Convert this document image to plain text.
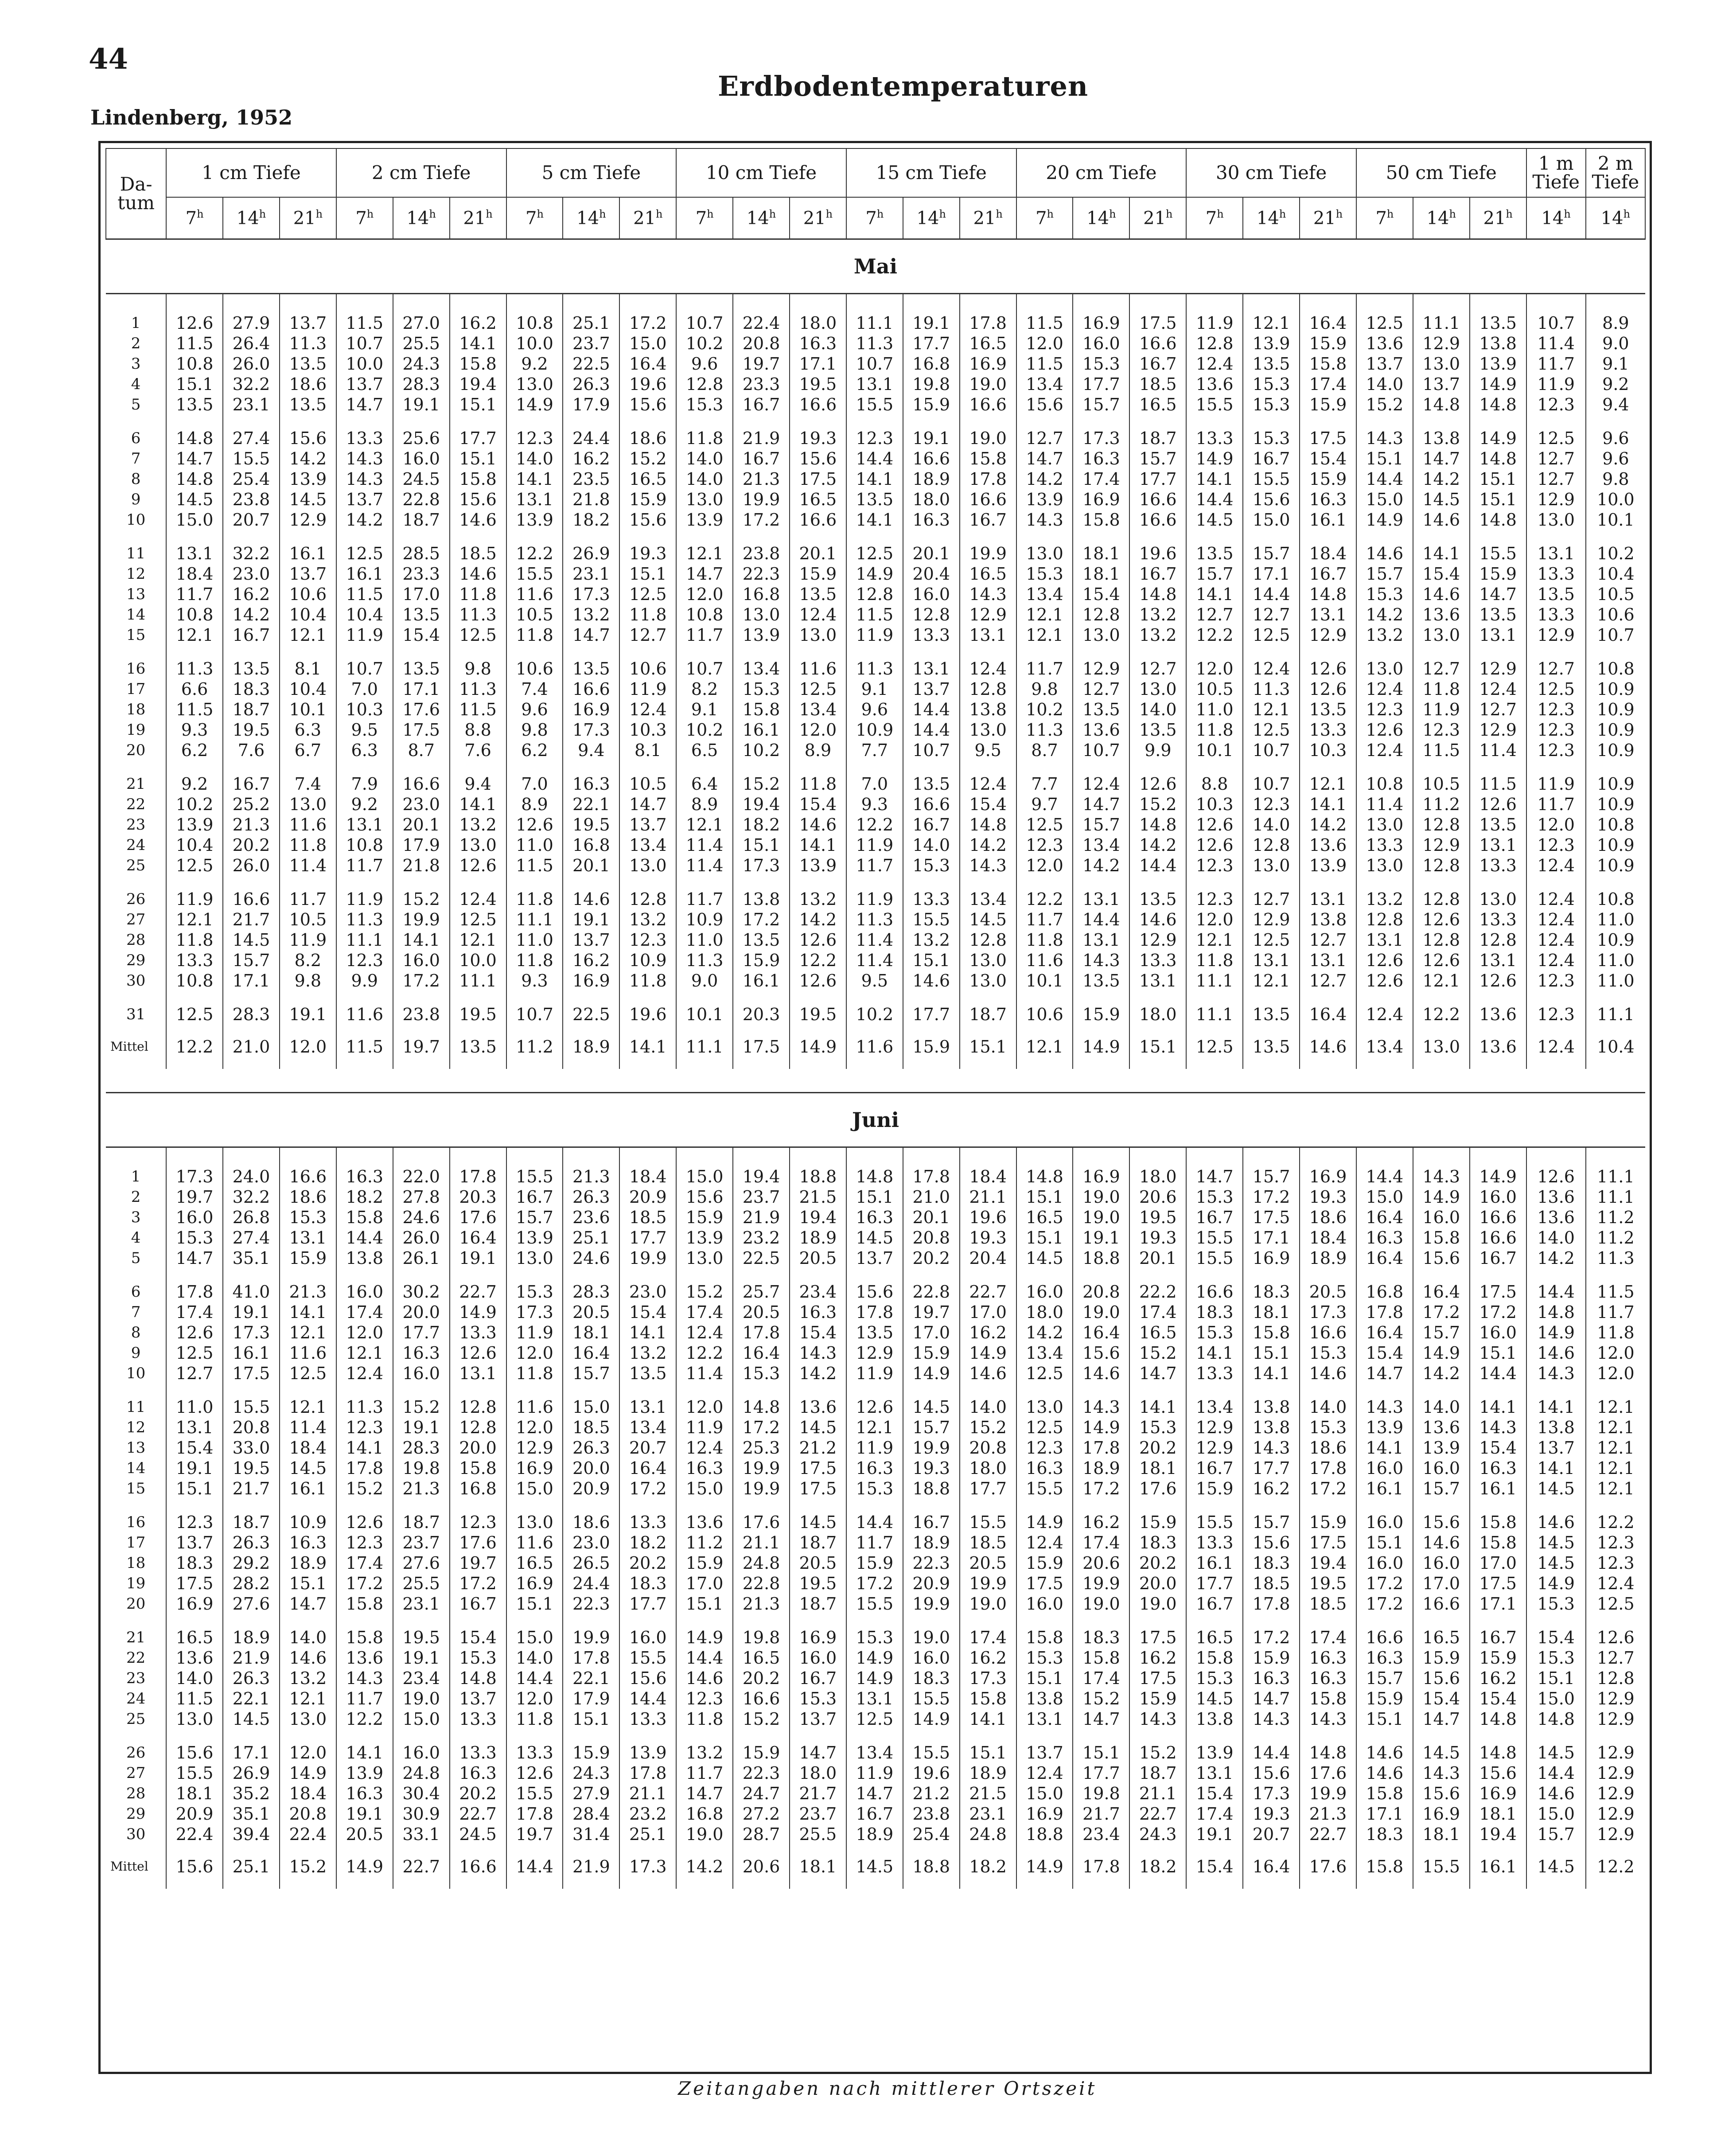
44
Erdbodentemperaturen
Lindenberg, 1952
Da- tum	1 cm Tiefe			2 cm Tiefe			5 cm Tiefe			10 cm Tiefe			15 cm Tiefe			20 cm Tiefe			30 cm Tiefe			50 cm Tiefe			1 m Tiefe	2 m Tiefe
	7$^h$	14$^h$	21$^h$	7$^h$	14$^h$	21$^h$	7$^h$	14$^h$	21$^h$	7$^h$	14$^h$	21$^h$	7$^h$	14$^h$	21$^h$	7$^h$	14$^h$	21$^h$	7$^h$	14$^h$	21$^h$	7$^h$	14$^h$	21$^h$	14$^h$	14$^h$
Mai																										
1	12.6	27.9	13.7	11.5	27.0	16.2	10.8	25.1	17.2	10.7	22.4	18.0	11.1	19.1	17.8	11.5	16.9	17.5	11.9	12.1	16.4	12.5	11.1	13.5	10.7	8.9
2	11.5	26.4	11.3	10.7	25.5	14.1	10.0	23.7	15.0	10.2	20.8	16.3	11.3	17.7	16.5	12.0	16.0	16.6	12.8	13.9	15.9	13.6	12.9	13.8	11.4	9.0
3	10.8	26.0	13.5	10.0	24.3	15.8	9.2	22.5	16.4	9.6	19.7	17.1	10.7	16.8	16.9	11.5	15.3	16.7	12.4	13.5	15.8	13.7	13.0	13.9	11.7	9.1
4	15.1	32.2	18.6	13.7	28.3	19.4	13.0	26.3	19.6	12.8	23.3	19.5	13.1	19.8	19.0	13.4	17.7	18.5	13.6	15.3	17.4	14.0	13.7	14.9	11.9	9.2
5	13.5	23.1	13.5	14.7	19.1	15.1	14.9	17.9	15.6	15.3	16.7	16.6	15.5	15.9	16.6	15.6	15.7	16.5	15.5	15.3	15.9	15.2	14.8	14.8	12.3	9.4
6	14.8	27.4	15.6	13.3	25.6	17.7	12.3	24.4	18.6	11.8	21.9	19.3	12.3	19.1	19.0	12.7	17.3	18.7	13.3	15.3	17.5	14.3	13.8	14.9	12.5	9.6
7	14.7	15.5	14.2	14.3	16.0	15.1	14.0	16.2	15.2	14.0	16.7	15.6	14.4	16.6	15.8	14.7	16.3	15.7	14.9	16.7	15.4	15.1	14.7	14.8	12.7	9.6
8	14.8	25.4	13.9	14.3	24.5	15.8	14.1	23.5	16.5	14.0	21.3	17.5	14.1	18.9	17.8	14.2	17.4	17.7	14.1	15.5	15.9	14.4	14.2	15.1	12.7	9.8
9	14.5	23.8	14.5	13.7	22.8	15.6	13.1	21.8	15.9	13.0	19.9	16.5	13.5	18.0	16.6	13.9	16.9	16.6	14.4	15.6	16.3	15.0	14.5	15.1	12.9	10.0
10	15.0	20.7	12.9	14.2	18.7	14.6	13.9	18.2	15.6	13.9	17.2	16.6	14.1	16.3	16.7	14.3	15.8	16.6	14.5	15.0	16.1	14.9	14.6	14.8	13.0	10.1
11	13.1	32.2	16.1	12.5	28.5	18.5	12.2	26.9	19.3	12.1	23.8	20.1	12.5	20.1	19.9	13.0	18.1	19.6	13.5	15.7	18.4	14.6	14.1	15.5	13.1	10.2
12	18.4	23.0	13.7	16.1	23.3	14.6	15.5	23.1	15.1	14.7	22.3	15.9	14.9	20.4	16.5	15.3	18.1	16.7	15.7	17.1	16.7	15.7	15.4	15.9	13.3	10.4
13	11.7	16.2	10.6	11.5	17.0	11.8	11.6	17.3	12.5	12.0	16.8	13.5	12.8	16.0	14.3	13.4	15.4	14.8	14.1	14.4	14.8	15.3	14.6	14.7	13.5	10.5
14	10.8	14.2	10.4	10.4	13.5	11.3	10.5	13.2	11.8	10.8	13.0	12.4	11.5	12.8	12.9	12.1	12.8	13.2	12.7	12.7	13.1	14.2	13.6	13.5	13.3	10.6
15	12.1	16.7	12.1	11.9	15.4	12.5	11.8	14.7	12.7	11.7	13.9	13.0	11.9	13.3	13.1	12.1	13.0	13.2	12.2	12.5	12.9	13.2	13.0	13.1	12.9	10.7
16	11.3	13.5	8.1	10.7	13.5	9.8	10.6	13.5	10.6	10.7	13.4	11.6	11.3	13.1	12.4	11.7	12.9	12.7	12.0	12.4	12.6	13.0	12.7	12.9	12.7	10.8
17	6.6	18.3	10.4	7.0	17.1	11.3	7.4	16.6	11.9	8.2	15.3	12.5	9.1	13.7	12.8	9.8	12.7	13.0	10.5	11.3	12.6	12.4	11.8	12.4	12.5	10.9
18	11.5	18.7	10.1	10.3	17.6	11.5	9.6	16.9	12.4	9.1	15.8	13.4	9.6	14.4	13.8	10.2	13.5	14.0	11.0	12.1	13.5	12.3	11.9	12.7	12.3	10.9
19	9.3	19.5	6.3	9.5	17.5	8.8	9.8	17.3	10.3	10.2	16.1	12.0	10.9	14.4	13.0	11.3	13.6	13.5	11.8	12.5	13.3	12.6	12.3	12.9	12.3	10.9
20	6.2	7.6	6.7	6.3	8.7	7.6	6.2	9.4	8.1	6.5	10.2	8.9	7.7	10.7	9.5	8.7	10.7	9.9	10.1	10.7	10.3	12.4	11.5	11.4	12.3	10.9
21	9.2	16.7	7.4	7.9	16.6	9.4	7.0	16.3	10.5	6.4	15.2	11.8	7.0	13.5	12.4	7.7	12.4	12.6	8.8	10.7	12.1	10.8	10.5	11.5	11.9	10.9
22	10.2	25.2	13.0	9.2	23.0	14.1	8.9	22.1	14.7	8.9	19.4	15.4	9.3	16.6	15.4	9.7	14.7	15.2	10.3	12.3	14.1	11.4	11.2	12.6	11.7	10.9
23	13.9	21.3	11.6	13.1	20.1	13.2	12.6	19.5	13.7	12.1	18.2	14.6	12.2	16.7	14.8	12.5	15.7	14.8	12.6	14.0	14.2	13.0	12.8	13.5	12.0	10.8
24	10.4	20.2	11.8	10.8	17.9	13.0	11.0	16.8	13.4	11.4	15.1	14.1	11.9	14.0	14.2	12.3	13.4	14.2	12.6	12.8	13.6	13.3	12.9	13.1	12.3	10.9
25	12.5	26.0	11.4	11.7	21.8	12.6	11.5	20.1	13.0	11.4	17.3	13.9	11.7	15.3	14.3	12.0	14.2	14.4	12.3	13.0	13.9	13.0	12.8	13.3	12.4	10.9
26	11.9	16.6	11.7	11.9	15.2	12.4	11.8	14.6	12.8	11.7	13.8	13.2	11.9	13.3	13.4	12.2	13.1	13.5	12.3	12.7	13.1	13.2	12.8	13.0	12.4	10.8
27	12.1	21.7	10.5	11.3	19.9	12.5	11.1	19.1	13.2	10.9	17.2	14.2	11.3	15.5	14.5	11.7	14.4	14.6	12.0	12.9	13.8	12.8	12.6	13.3	12.4	11.0
28	11.8	14.5	11.9	11.1	14.1	12.1	11.0	13.7	12.3	11.0	13.5	12.6	11.4	13.2	12.8	11.8	13.1	12.9	12.1	12.5	12.7	13.1	12.8	12.8	12.4	10.9
29	13.3	15.7	8.2	12.3	16.0	10.0	11.8	16.2	10.9	11.3	15.9	12.2	11.4	15.1	13.0	11.6	14.3	13.3	11.8	13.1	13.1	12.6	12.6	13.1	12.4	11.0
30	10.8	17.1	9.8	9.9	17.2	11.1	9.3	16.9	11.8	9.0	16.1	12.6	9.5	14.6	13.0	10.1	13.5	13.1	11.1	12.1	12.7	12.6	12.1	12.6	12.3	11.0
31	12.5	28.3	19.1	11.6	23.8	19.5	10.7	22.5	19.6	10.1	20.3	19.5	10.2	17.7	18.7	10.6	15.9	18.0	11.1	13.5	16.4	12.4	12.2	13.6	12.3	11.1
Mittel	12.2	21.0	12.0	11.5	19.7	13.5	11.2	18.9	14.1	11.1	17.5	14.9	11.6	15.9	15.1	12.1	14.9	15.1	12.5	13.5	14.6	13.4	13.0	13.6	12.4	10.4

Juni																										
1	17.3	24.0	16.6	16.3	22.0	17.8	15.5	21.3	18.4	15.0	19.4	18.8	14.8	17.8	18.4	14.8	16.9	18.0	14.7	15.7	16.9	14.4	14.3	14.9	12.6	11.1
2	19.7	32.2	18.6	18.2	27.8	20.3	16.7	26.3	20.9	15.6	23.7	21.5	15.1	21.0	21.1	15.1	19.0	20.6	15.3	17.2	19.3	15.0	14.9	16.0	13.6	11.1
3	16.0	26.8	15.3	15.8	24.6	17.6	15.7	23.6	18.5	15.9	21.9	19.4	16.3	20.1	19.6	16.5	19.0	19.5	16.7	17.5	18.6	16.4	16.0	16.6	13.6	11.2
4	15.3	27.4	13.1	14.4	26.0	16.4	13.9	25.1	17.7	13.9	23.2	18.9	14.5	20.8	19.3	15.1	19.1	19.3	15.5	17.1	18.4	16.3	15.8	16.6	14.0	11.2
5	14.7	35.1	15.9	13.8	26.1	19.1	13.0	24.6	19.9	13.0	22.5	20.5	13.7	20.2	20.4	14.5	18.8	20.1	15.5	16.9	18.9	16.4	15.6	16.7	14.2	11.3
6	17.8	41.0	21.3	16.0	30.2	22.7	15.3	28.3	23.0	15.2	25.7	23.4	15.6	22.8	22.7	16.0	20.8	22.2	16.6	18.3	20.5	16.8	16.4	17.5	14.4	11.5
7	17.4	19.1	14.1	17.4	20.0	14.9	17.3	20.5	15.4	17.4	20.5	16.3	17.8	19.7	17.0	18.0	19.0	17.4	18.3	18.1	17.3	17.8	17.2	17.2	14.8	11.7
8	12.6	17.3	12.1	12.0	17.7	13.3	11.9	18.1	14.1	12.4	17.8	15.4	13.5	17.0	16.2	14.2	16.4	16.5	15.3	15.8	16.6	16.4	15.7	16.0	14.9	11.8
9	12.5	16.1	11.6	12.1	16.3	12.6	12.0	16.4	13.2	12.2	16.4	14.3	12.9	15.9	14.9	13.4	15.6	15.2	14.1	15.1	15.3	15.4	14.9	15.1	14.6	12.0
10	12.7	17.5	12.5	12.4	16.0	13.1	11.8	15.7	13.5	11.4	15.3	14.2	11.9	14.9	14.6	12.5	14.6	14.7	13.3	14.1	14.6	14.7	14.2	14.4	14.3	12.0
11	11.0	15.5	12.1	11.3	15.2	12.8	11.6	15.0	13.1	12.0	14.8	13.6	12.6	14.5	14.0	13.0	14.3	14.1	13.4	13.8	14.0	14.3	14.0	14.1	14.1	12.1
12	13.1	20.8	11.4	12.3	19.1	12.8	12.0	18.5	13.4	11.9	17.2	14.5	12.1	15.7	15.2	12.5	14.9	15.3	12.9	13.8	15.3	13.9	13.6	14.3	13.8	12.1
13	15.4	33.0	18.4	14.1	28.3	20.0	12.9	26.3	20.7	12.4	25.3	21.2	11.9	19.9	20.8	12.3	17.8	20.2	12.9	14.3	18.6	14.1	13.9	15.4	13.7	12.1
14	19.1	19.5	14.5	17.8	19.8	15.8	16.9	20.0	16.4	16.3	19.9	17.5	16.3	19.3	18.0	16.3	18.9	18.1	16.7	17.7	17.8	16.0	16.0	16.3	14.1	12.1
15	15.1	21.7	16.1	15.2	21.3	16.8	15.0	20.9	17.2	15.0	19.9	17.5	15.3	18.8	17.7	15.5	17.2	17.6	15.9	16.2	17.2	16.1	15.7	16.1	14.5	12.1
16	12.3	18.7	10.9	12.6	18.7	12.3	13.0	18.6	13.3	13.6	17.6	14.5	14.4	16.7	15.5	14.9	16.2	15.9	15.5	15.7	15.9	16.0	15.6	15.8	14.6	12.2
17	13.7	26.3	16.3	12.3	23.7	17.6	11.6	23.0	18.2	11.2	21.1	18.7	11.7	18.9	18.5	12.4	17.4	18.3	13.3	15.6	17.5	15.1	14.6	15.8	14.5	12.3
18	18.3	29.2	18.9	17.4	27.6	19.7	16.5	26.5	20.2	15.9	24.8	20.5	15.9	22.3	20.5	15.9	20.6	20.2	16.1	18.3	19.4	16.0	16.0	17.0	14.5	12.3
19	17.5	28.2	15.1	17.2	25.5	17.2	16.9	24.4	18.3	17.0	22.8	19.5	17.2	20.9	19.9	17.5	19.9	20.0	17.7	18.5	19.5	17.2	17.0	17.5	14.9	12.4
20	16.9	27.6	14.7	15.8	23.1	16.7	15.1	22.3	17.7	15.1	21.3	18.7	15.5	19.9	19.0	16.0	19.0	19.0	16.7	17.8	18.5	17.2	16.6	17.1	15.3	12.5
21	16.5	18.9	14.0	15.8	19.5	15.4	15.0	19.9	16.0	14.9	19.8	16.9	15.3	19.0	17.4	15.8	18.3	17.5	16.5	17.2	17.4	16.6	16.5	16.7	15.4	12.6
22	13.6	21.9	14.6	13.6	19.1	15.3	14.0	17.8	15.5	14.4	16.5	16.0	14.9	16.0	16.2	15.3	15.8	16.2	15.8	15.9	16.3	16.3	15.9	15.9	15.3	12.7
23	14.0	26.3	13.2	14.3	23.4	14.8	14.4	22.1	15.6	14.6	20.2	16.7	14.9	18.3	17.3	15.1	17.4	17.5	15.3	16.3	16.3	15.7	15.6	16.2	15.1	12.8
24	11.5	22.1	12.1	11.7	19.0	13.7	12.0	17.9	14.4	12.3	16.6	15.3	13.1	15.5	15.8	13.8	15.2	15.9	14.5	14.7	15.8	15.9	15.4	15.4	15.0	12.9
25	13.0	14.5	13.0	12.2	15.0	13.3	11.8	15.1	13.3	11.8	15.2	13.7	12.5	14.9	14.1	13.1	14.7	14.3	13.8	14.3	14.3	15.1	14.7	14.8	14.8	12.9
26	15.6	17.1	12.0	14.1	16.0	13.3	13.3	15.9	13.9	13.2	15.9	14.7	13.4	15.5	15.1	13.7	15.1	15.2	13.9	14.4	14.8	14.6	14.5	14.8	14.5	12.9
27	15.5	26.9	14.9	13.9	24.8	16.3	12.6	24.3	17.8	11.7	22.3	18.0	11.9	19.6	18.9	12.4	17.7	18.7	13.1	15.6	17.6	14.6	14.3	15.6	14.4	12.9
28	18.1	35.2	18.4	16.3	30.4	20.2	15.5	27.9	21.1	14.7	24.7	21.7	14.7	21.2	21.5	15.0	19.8	21.1	15.4	17.3	19.9	15.8	15.6	16.9	14.6	12.9
29	20.9	35.1	20.8	19.1	30.9	22.7	17.8	28.4	23.2	16.8	27.2	23.7	16.7	23.8	23.1	16.9	21.7	22.7	17.4	19.3	21.3	17.1	16.9	18.1	15.0	12.9
30	22.4	39.4	22.4	20.5	33.1	24.5	19.7	31.4	25.1	19.0	28.7	25.5	18.9	25.4	24.8	18.8	23.4	24.3	19.1	20.7	22.7	18.3	18.1	19.4	15.7	12.9
Mittel	15.6	25.1	15.2	14.9	22.7	16.6	14.4	21.9	17.3	14.2	20.6	18.1	14.5	18.8	18.2	14.9	17.8	18.2	15.4	16.4	17.6	15.8	15.5	16.1	14.5	12.2
Zeitangaben nach mittlerer Ortszeit
